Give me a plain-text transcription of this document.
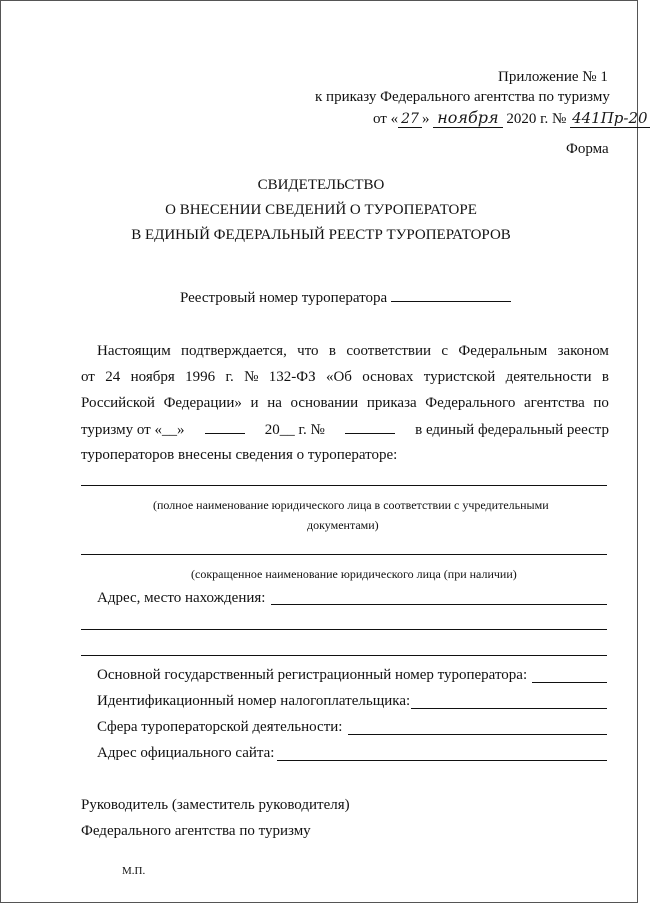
Приложение № 1
к приказу Федерального агентства по туризму
от « 27 » ноября 2020 г. № 441Пр-20
Форма
СВИДЕТЕЛЬСТВО
О ВНЕСЕНИИ СВЕДЕНИЙ О ТУРОПЕРАТОРЕ
В ЕДИНЫЙ ФЕДЕРАЛЬНЫЙ РЕЕСТР ТУРОПЕРАТОРОВ
Реестровый номер туроператора
Настоящим подтверждается, что в соответствии с Федеральным законом
от 24 ноября 1996 г. № 132-ФЗ «Об основах туристской деятельности в
Российской Федерации» и на основании приказа Федерального агентства по
туризму от «__»	20__ г. №	в единый федеральный реестр
туроператоров внесены сведения о туроператоре:
(полное наименование юридического лица в соответствии с учредительными
документами)
(сокращенное наименование юридического лица (при наличии)
Адрес, место нахождения:
Основной государственный регистрационный номер туроператора:
Идентификационный номер налогоплательщика:
Сфера туроператорской деятельности:
Адрес официального сайта:
Руководитель (заместитель руководителя)
Федерального агентства по туризму
М.П.
